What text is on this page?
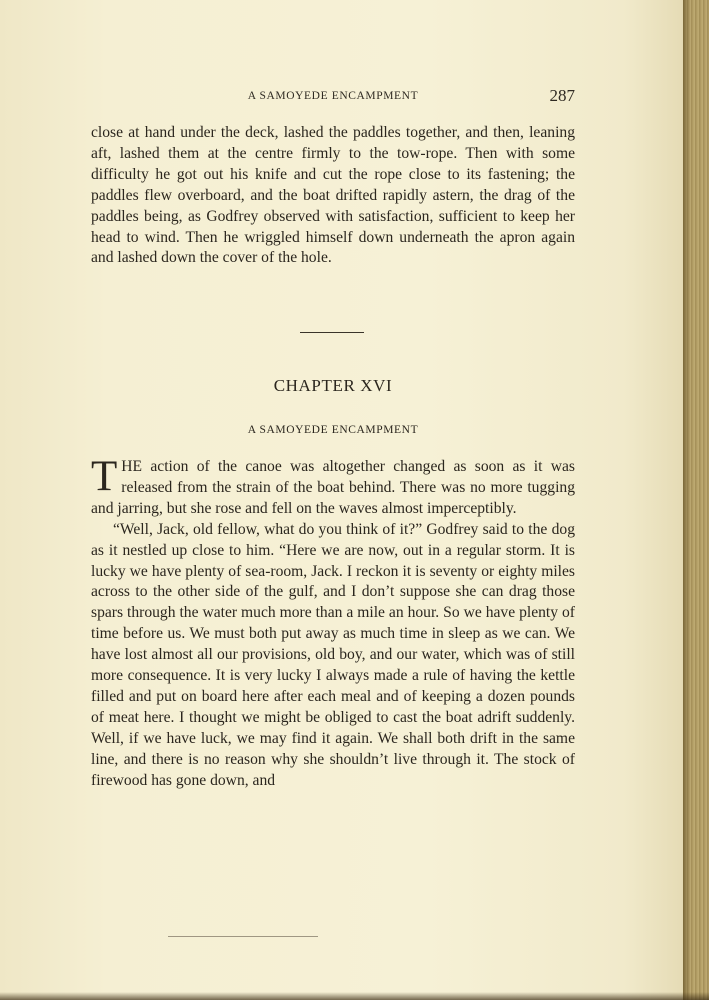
A SAMOYEDE ENCAMPMENT	287

close at hand under the deck, lashed the paddles together, and then, leaning aft, lashed them at the centre firmly to the tow-rope. Then with some difficulty he got out his knife and cut the rope close to its fastening; the paddles flew overboard, and the boat drifted rapidly astern, the drag of the paddles being, as Godfrey observed with satisfaction, sufficient to keep her head to wind. Then he wriggled himself down underneath the apron again and lashed down the cover of the hole.

CHAPTER XVI
A SAMOYEDE ENCAMPMENT

THE action of the canoe was altogether changed as soon as it was released from the strain of the boat behind. There was no more tugging and jarring, but she rose and fell on the waves almost imperceptibly.

“Well, Jack, old fellow, what do you think of it?” Godfrey said to the dog as it nestled up close to him. “Here we are now, out in a regular storm. It is lucky we have plenty of sea-room, Jack. I reckon it is seventy or eighty miles across to the other side of the gulf, and I don’t suppose she can drag those spars through the water much more than a mile an hour. So we have plenty of time before us. We must both put away as much time in sleep as we can. We have lost almost all our provisions, old boy, and our water, which was of still more consequence. It is very lucky I always made a rule of having the kettle filled and put on board here after each meal and of keeping a dozen pounds of meat here. I thought we might be obliged to cast the boat adrift suddenly. Well, if we have luck, we may find it again. We shall both drift in the same line, and there is no reason why she shouldn’t live through it. The stock of firewood has gone down, and
